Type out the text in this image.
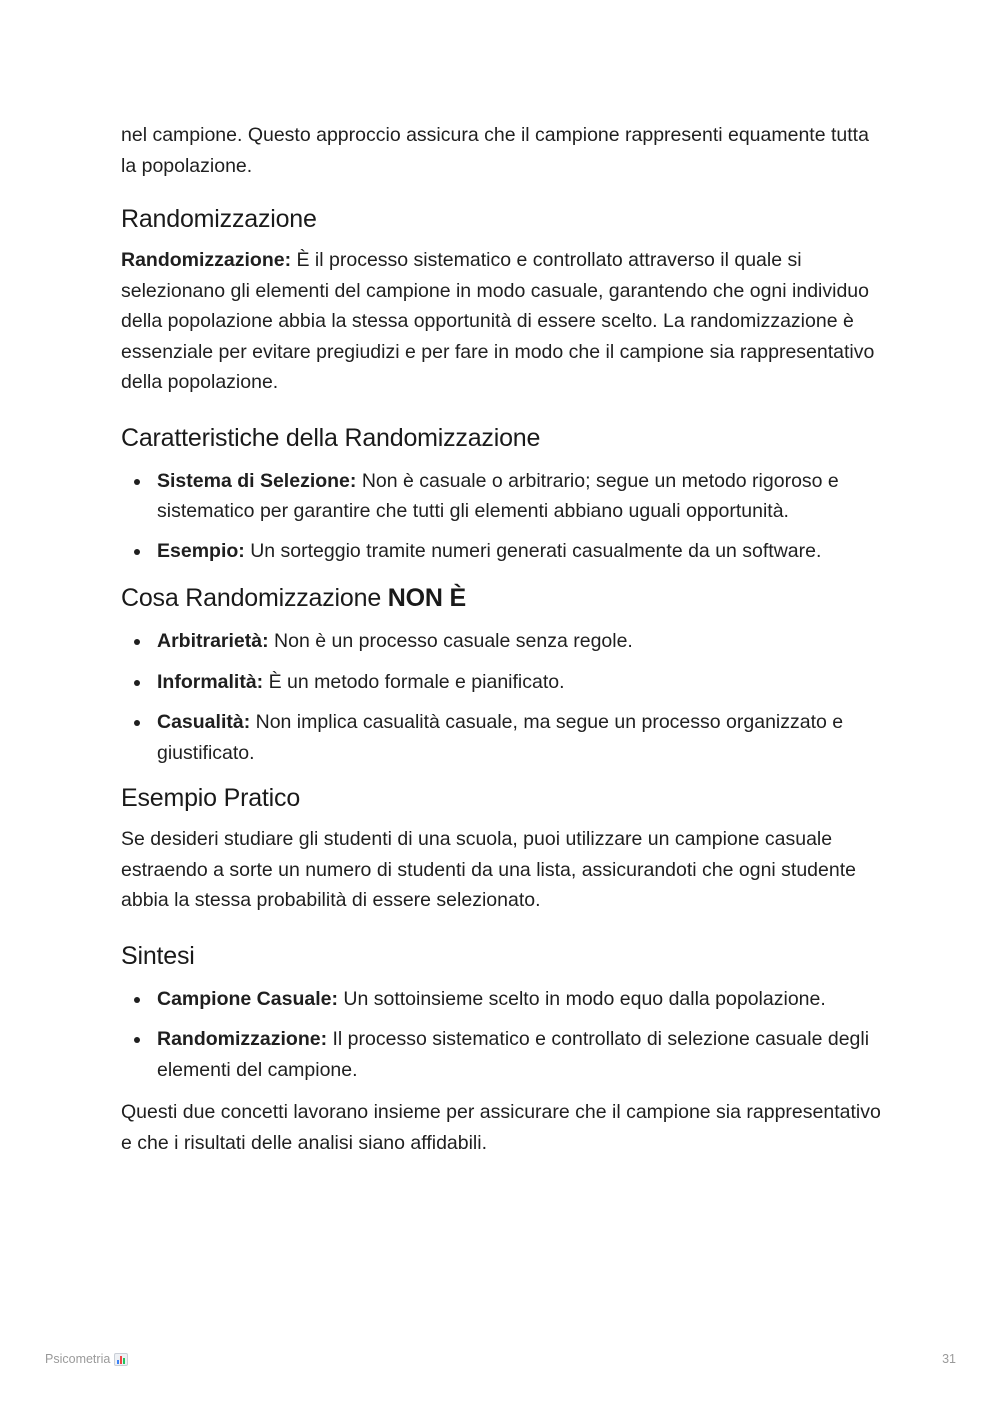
nel campione. Questo approccio assicura che il campione rappresenti equamente tutta la popolazione.

Randomizzazione

Randomizzazione: È il processo sistematico e controllato attraverso il quale si selezionano gli elementi del campione in modo casuale, garantendo che ogni individuo della popolazione abbia la stessa opportunità di essere scelto. La randomizzazione è essenziale per evitare pregiudizi e per fare in modo che il campione sia rappresentativo della popolazione.

Caratteristiche della Randomizzazione
Sistema di Selezione: Non è casuale o arbitrario; segue un metodo rigoroso e sistematico per garantire che tutti gli elementi abbiano uguali opportunità.
Esempio: Un sorteggio tramite numeri generati casualmente da un software.
Cosa Randomizzazione NON È
Arbitrarietà: Non è un processo casuale senza regole.
Informalità: È un metodo formale e pianificato.
Casualità: Non implica casualità casuale, ma segue un processo organizzato e giustificato.
Esempio Pratico

Se desideri studiare gli studenti di una scuola, puoi utilizzare un campione casuale estraendo a sorte un numero di studenti da una lista, assicurandoti che ogni studente abbia la stessa probabilità di essere selezionato.

Sintesi
Campione Casuale: Un sottoinsieme scelto in modo equo dalla popolazione.
Randomizzazione: Il processo sistematico e controllato di selezione casuale degli elementi del campione.

Questi due concetti lavorano insieme per assicurare che il campione sia rappresentativo e che i risultati delle analisi siano affidabili.

Psicometria	31
